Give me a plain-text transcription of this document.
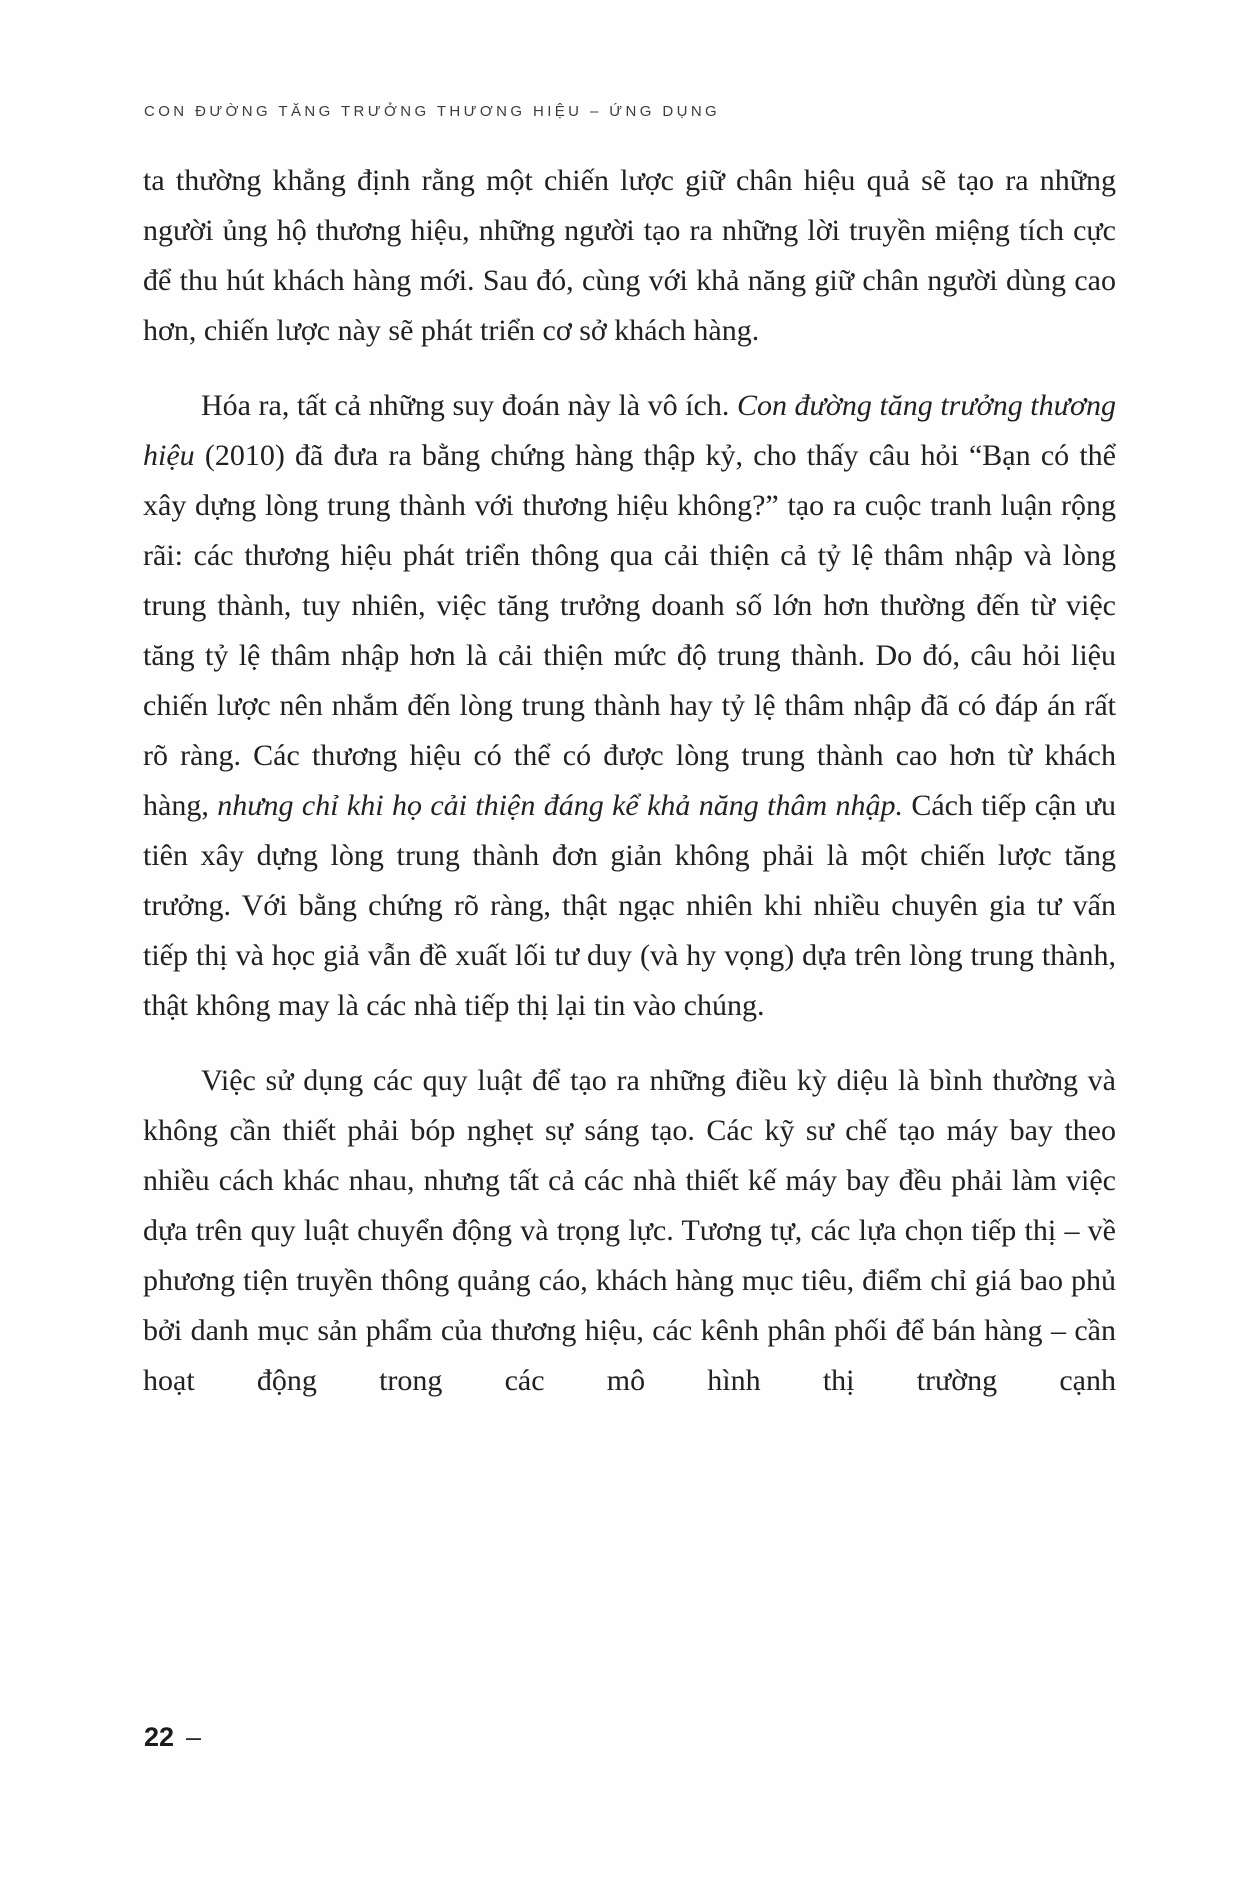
CON ĐƯỜNG TĂNG TRƯỞNG THƯƠNG HIỆU – ỨNG DỤNG

ta thường khẳng định rằng một chiến lược giữ chân hiệu quả sẽ tạo ra những người ủng hộ thương hiệu, những người tạo ra những lời truyền miệng tích cực để thu hút khách hàng mới. Sau đó, cùng với khả năng giữ chân người dùng cao hơn, chiến lược này sẽ phát triển cơ sở khách hàng.

Hóa ra, tất cả những suy đoán này là vô ích. Con đường tăng trưởng thương hiệu (2010) đã đưa ra bằng chứng hàng thập kỷ, cho thấy câu hỏi “Bạn có thể xây dựng lòng trung thành với thương hiệu không?” tạo ra cuộc tranh luận rộng rãi: các thương hiệu phát triển thông qua cải thiện cả tỷ lệ thâm nhập và lòng trung thành, tuy nhiên, việc tăng trưởng doanh số lớn hơn thường đến từ việc tăng tỷ lệ thâm nhập hơn là cải thiện mức độ trung thành. Do đó, câu hỏi liệu chiến lược nên nhắm đến lòng trung thành hay tỷ lệ thâm nhập đã có đáp án rất rõ ràng. Các thương hiệu có thể có được lòng trung thành cao hơn từ khách hàng, nhưng chỉ khi họ cải thiện đáng kể khả năng thâm nhập. Cách tiếp cận ưu tiên xây dựng lòng trung thành đơn giản không phải là một chiến lược tăng trưởng. Với bằng chứng rõ ràng, thật ngạc nhiên khi nhiều chuyên gia tư vấn tiếp thị và học giả vẫn đề xuất lối tư duy (và hy vọng) dựa trên lòng trung thành, thật không may là các nhà tiếp thị lại tin vào chúng.

Việc sử dụng các quy luật để tạo ra những điều kỳ diệu là bình thường và không cần thiết phải bóp nghẹt sự sáng tạo. Các kỹ sư chế tạo máy bay theo nhiều cách khác nhau, nhưng tất cả các nhà thiết kế máy bay đều phải làm việc dựa trên quy luật chuyển động và trọng lực. Tương tự, các lựa chọn tiếp thị – về phương tiện truyền thông quảng cáo, khách hàng mục tiêu, điểm chỉ giá bao phủ bởi danh mục sản phẩm của thương hiệu, các kênh phân phối để bán hàng – cần hoạt động trong các mô hình thị trường cạnh

22 –
